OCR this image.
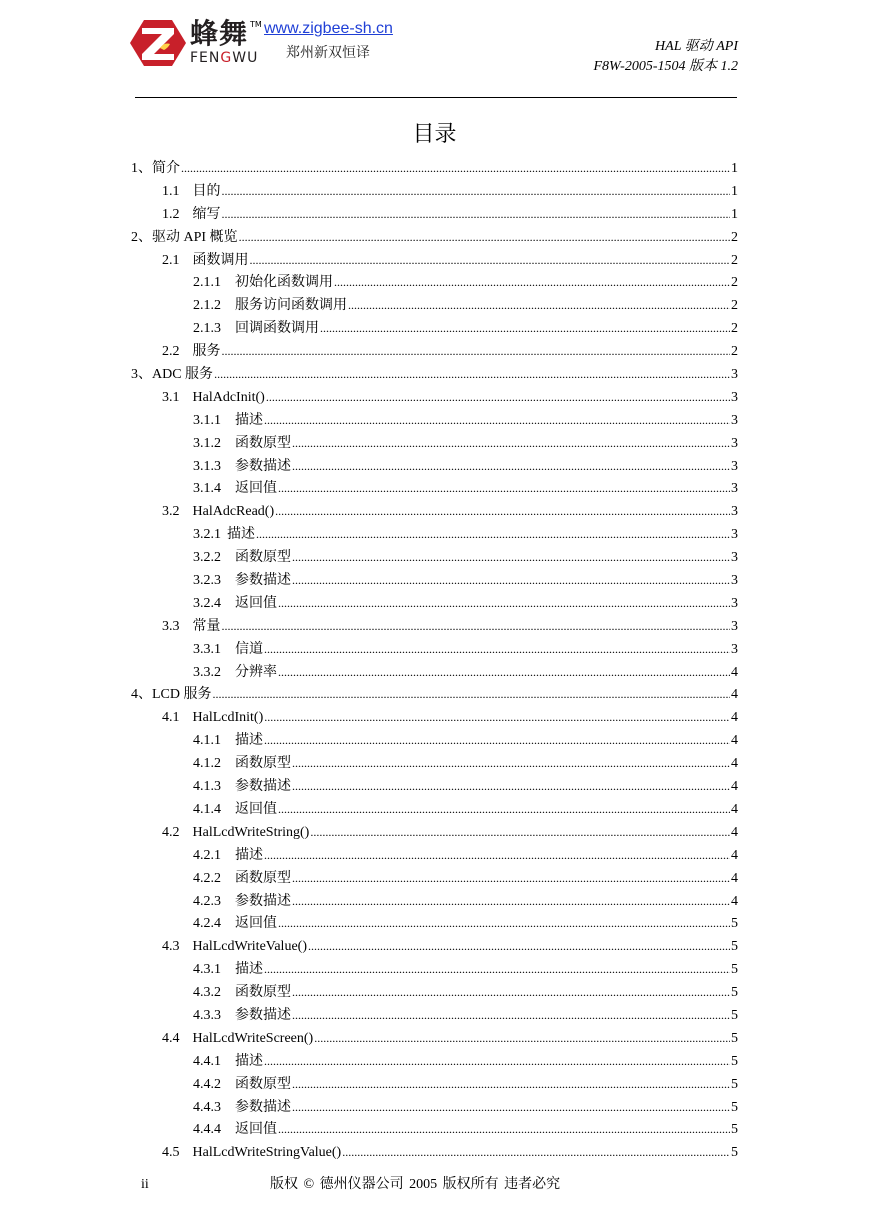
蜂舞 TM
FENGWU
www.zigbee-sh.cn
郑州新双恒译	HAL 驱动 API
F8W-2005-1504 版本 1.2
目录
1、 简介 .....	1
1.1 目的 .....	1
1.2 缩写 .....	1
2、 驱动 API 概览 .....	2
2.1 函数调用 .....	2
2.1.1 初始化函数调用 .....	2
2.1.2 服务访问函数调用 .....	2
2.1.3 回调函数调用 .....	2
2.2 服务 .....	2
3、 ADC 服务 .....	3
3.1 HalAdcInit() .....	3
3.1.1 描述 .....	3
3.1.2 函数原型 .....	3
3.1.3 参数描述 .....	3
3.1.4 返回值 .....	3
3.2 HalAdcRead() .....	3
3.2.1 描述 .....	3
3.2.2 函数原型 .....	3
3.2.3 参数描述 .....	3
3.2.4 返回值 .....	3
3.3 常量 .....	3
3.3.1 信道 .....	3
3.3.2 分辨率 .....	4
4、 LCD 服务 .....	4
4.1 HalLcdInit() .....	4
4.1.1 描述 .....	4
4.1.2 函数原型 .....	4
4.1.3 参数描述 .....	4
4.1.4 返回值 .....	4
4.2 HalLcdWriteString() .....	4
4.2.1 描述 .....	4
4.2.2 函数原型 .....	4
4.2.3 参数描述 .....	4
4.2.4 返回值 .....	5
4.3 HalLcdWriteValue() .....	5
4.3.1 描述 .....	5
4.3.2 函数原型 .....	5
4.3.3 参数描述 .....	5
4.4 HalLcdWriteScreen() .....	5
4.4.1 描述 .....	5
4.4.2 函数原型 .....	5
4.4.3 参数描述 .....	5
4.4.4 返回值 .....	5
4.5 HalLcdWriteStringValue() .....	5
ii	版权 © 德州仪器公司 2005 版权所有 违者必究
